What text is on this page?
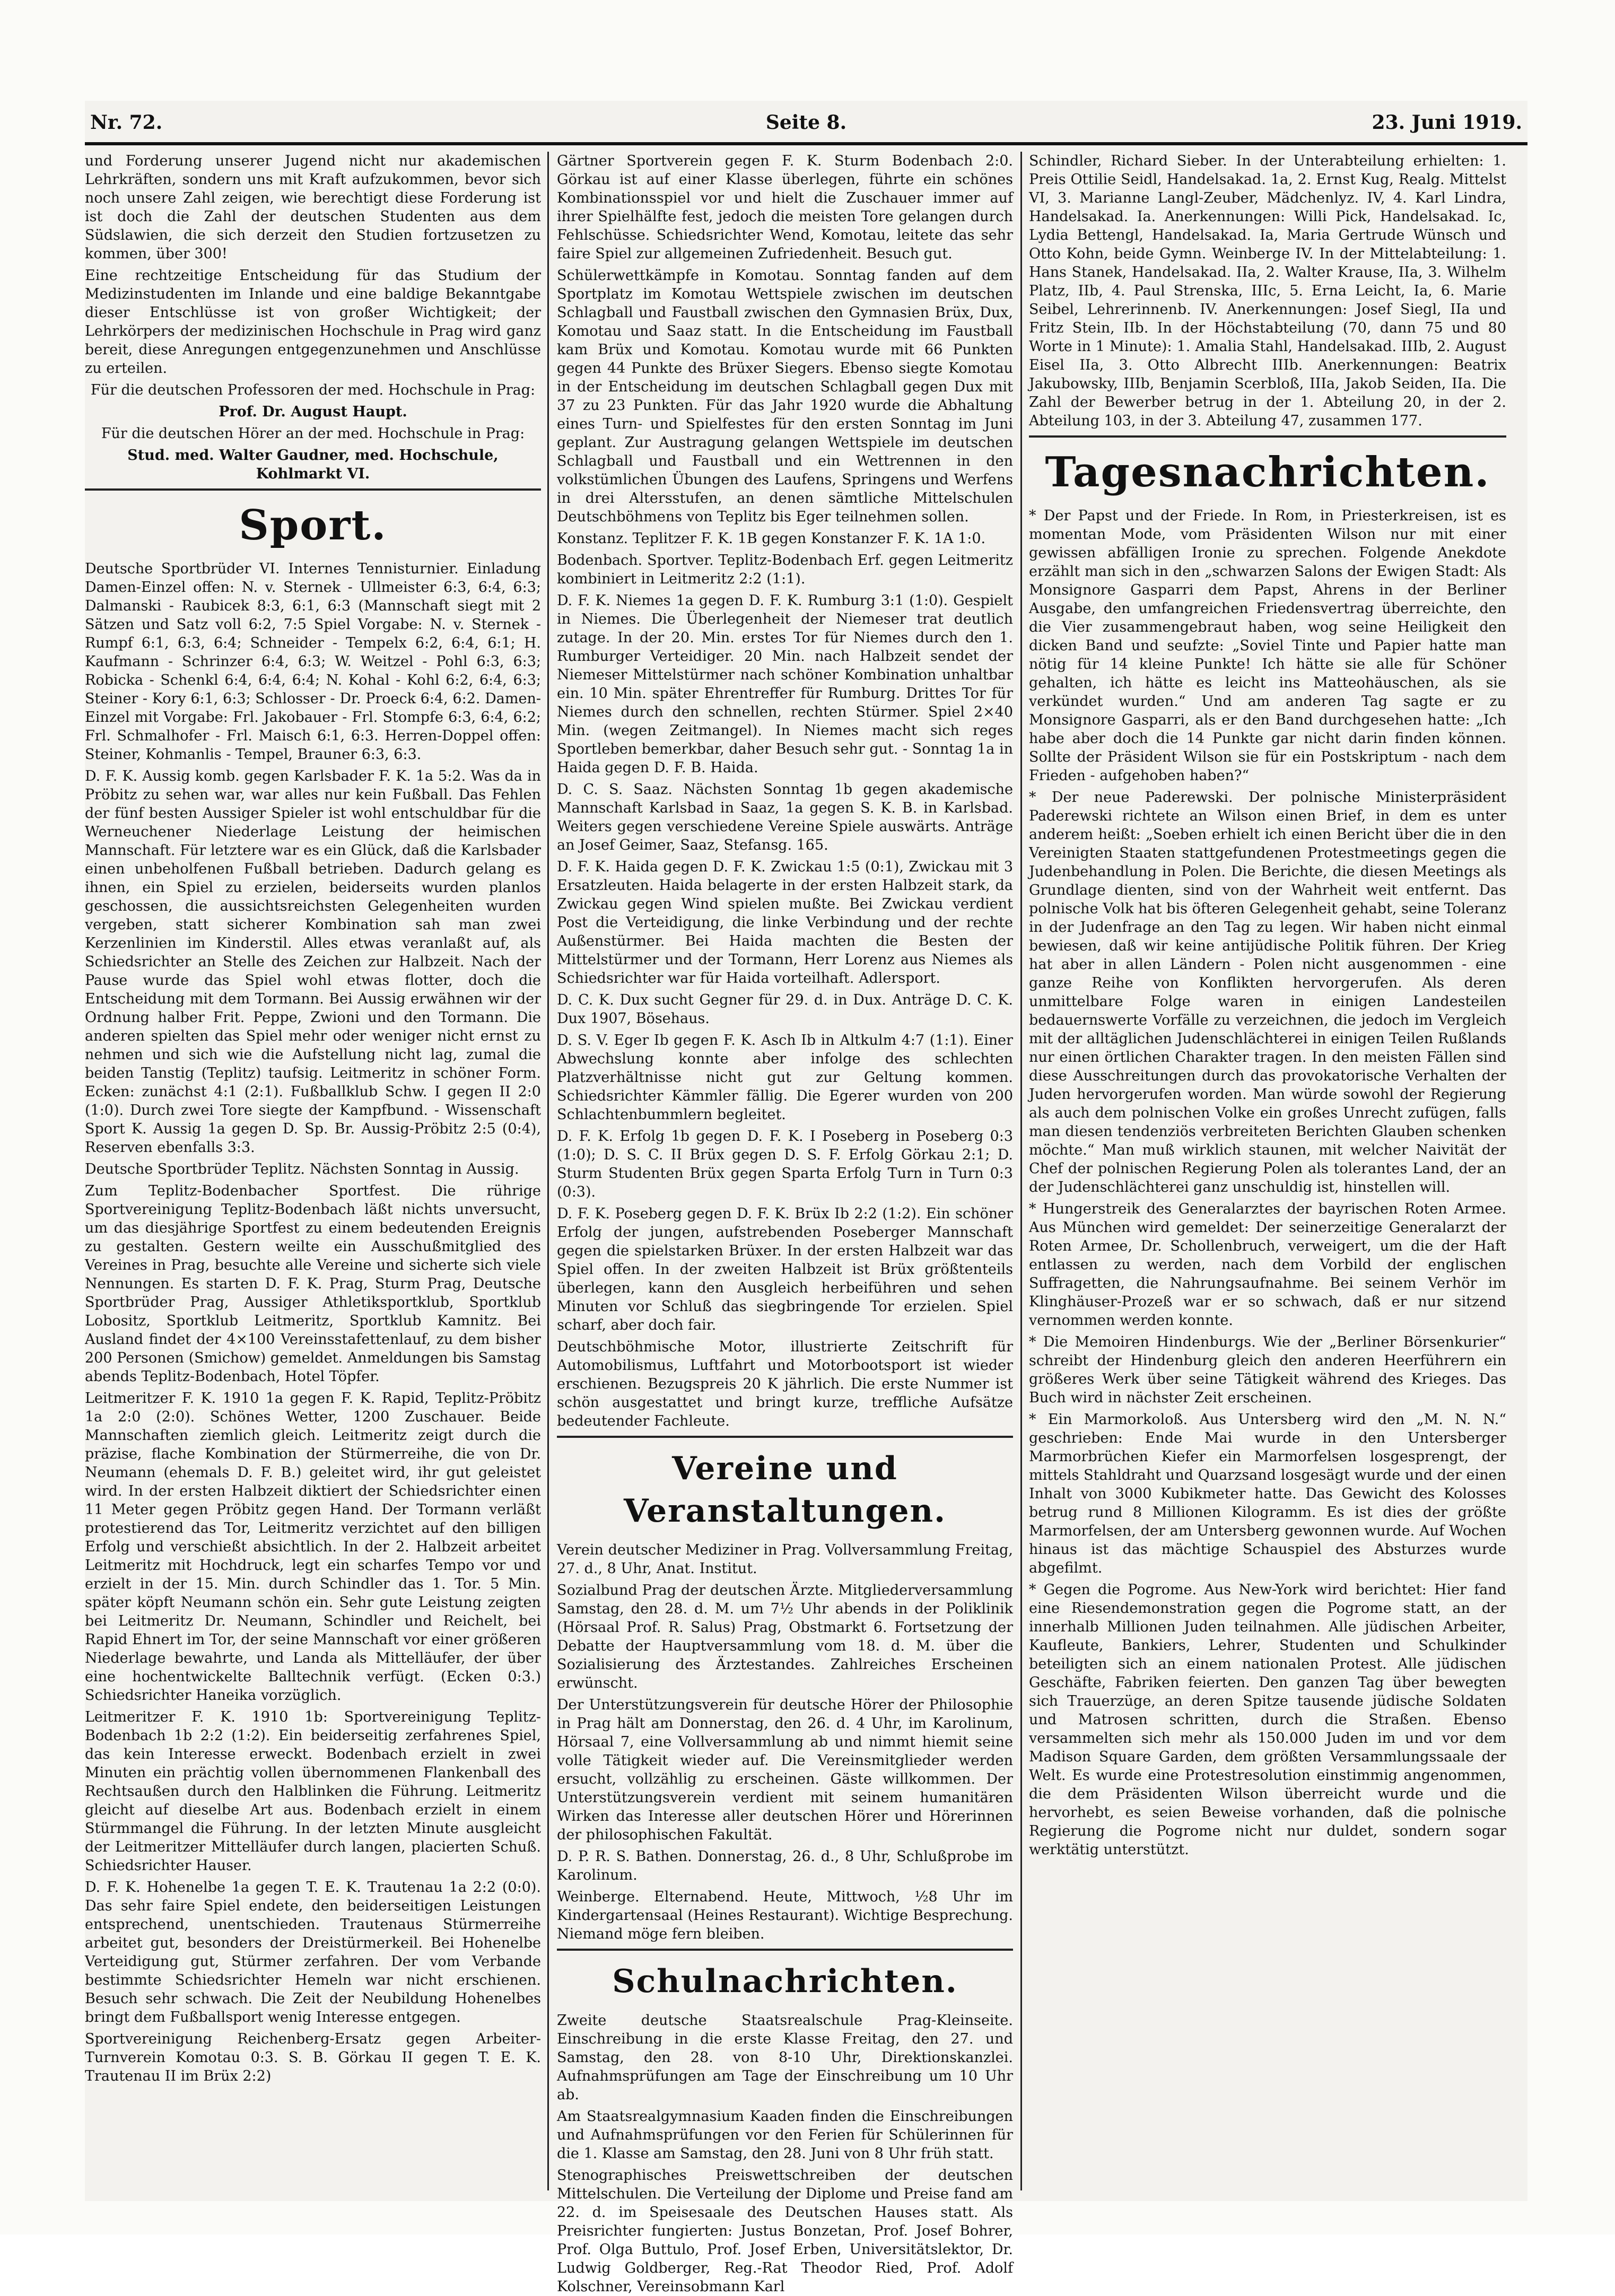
Nr. 72.	Seite 8.	23. Juni 1919.

und Forderung unserer Jugend nicht nur akademischen Lehrkräften, sondern uns mit Kraft aufzukommen, bevor sich noch unsere Zahl zeigen, wie berechtigt diese Forderung ist ist doch die Zahl der deutschen Studenten aus dem Südslawien, die sich derzeit den Studien fortzusetzen zu kommen, über 300!

Eine rechtzeitige Entscheidung für das Studium der Medizinstudenten im Inlande und eine baldige Bekanntgabe dieser Entschlüsse ist von großer Wichtigkeit; der Lehrkörpers der medizinischen Hochschule in Prag wird ganz bereit, diese Anregungen entgegenzunehmen und Anschlüsse zu erteilen.

Für die deutschen Professoren der med. Hochschule in Prag:

Prof. Dr. August Haupt.

Für die deutschen Hörer an der med. Hochschule in Prag:

Stud. med. Walter Gaudner, med. Hochschule, Kohlmarkt VI.

Sport.

Deutsche Sportbrüder VI. Internes Tennisturnier. Einladung Damen-Einzel offen: N. v. Sternek - Ullmeister 6:3, 6:4, 6:3; Dalmanski - Raubicek 8:3, 6:1, 6:3 (Mannschaft siegt mit 2 Sätzen und Satz voll 6:2, 7:5 Spiel Vorgabe: N. v. Sternek - Rumpf 6:1, 6:3, 6:4; Schneider - Tempelx 6:2, 6:4, 6:1; H. Kaufmann - Schrinzer 6:4, 6:3; W. Weitzel - Pohl 6:3, 6:3; Robicka - Schenkl 6:4, 6:4, 6:4; N. Kohal - Kohl 6:2, 6:4, 6:3; Steiner - Kory 6:1, 6:3; Schlosser - Dr. Proeck 6:4, 6:2. Damen-Einzel mit Vorgabe: Frl. Jakobauer - Frl. Stompfe 6:3, 6:4, 6:2; Frl. Schmalhofer - Frl. Maisch 6:1, 6:3. Herren-Doppel offen: Steiner, Kohmanlis - Tempel, Brauner 6:3, 6:3.

D. F. K. Aussig komb. gegen Karlsbader F. K. 1a 5:2. Was da in Pröbitz zu sehen war, war alles nur kein Fußball. Das Fehlen der fünf besten Aussiger Spieler ist wohl entschuldbar für die Werneuchener Niederlage Leistung der heimischen Mannschaft. Für letztere war es ein Glück, daß die Karlsbader einen unbeholfenen Fußball betrieben. Dadurch gelang es ihnen, ein Spiel zu erzielen, beiderseits wurden planlos geschossen, die aussichtsreichsten Gelegenheiten wurden vergeben, statt sicherer Kombination sah man zwei Kerzenlinien im Kinderstil. Alles etwas veranlaßt auf, als Schiedsrichter an Stelle des Zeichen zur Halbzeit. Nach der Pause wurde das Spiel wohl etwas flotter, doch die Entscheidung mit dem Tormann. Bei Aussig erwähnen wir der Ordnung halber Frit. Peppe, Zwioni und den Tormann. Die anderen spielten das Spiel mehr oder weniger nicht ernst zu nehmen und sich wie die Aufstellung nicht lag, zumal die beiden Tanstig (Teplitz) taufsig. Leitmeritz in schöner Form. Ecken: zunächst 4:1 (2:1). Fußballklub Schw. I gegen II 2:0 (1:0). Durch zwei Tore siegte der Kampfbund. - Wissenschaft Sport K. Aussig 1a gegen D. Sp. Br. Aussig-Pröbitz 2:5 (0:4), Reserven ebenfalls 3:3.

Deutsche Sportbrüder Teplitz. Nächsten Sonntag in Aussig.

Zum Teplitz-Bodenbacher Sportfest. Die rührige Sportvereinigung Teplitz-Bodenbach läßt nichts unversucht, um das diesjährige Sportfest zu einem bedeutenden Ereignis zu gestalten. Gestern weilte ein Ausschußmitglied des Vereines in Prag, besuchte alle Vereine und sicherte sich viele Nennungen. Es starten D. F. K. Prag, Sturm Prag, Deutsche Sportbrüder Prag, Aussiger Athletiksportklub, Sportklub Lobositz, Sportklub Leitmeritz, Sportklub Kamnitz. Bei Ausland findet der 4×100 Vereinsstafettenlauf, zu dem bisher 200 Personen (Smichow) gemeldet. Anmeldungen bis Samstag abends Teplitz-Bodenbach, Hotel Töpfer.

Leitmeritzer F. K. 1910 1a gegen F. K. Rapid, Teplitz-Pröbitz 1a 2:0 (2:0). Schönes Wetter, 1200 Zuschauer. Beide Mannschaften ziemlich gleich. Leitmeritz zeigt durch die präzise, flache Kombination der Stürmerreihe, die von Dr. Neumann (ehemals D. F. B.) geleitet wird, ihr gut geleistet wird. In der ersten Halbzeit diktiert der Schiedsrichter einen 11 Meter gegen Pröbitz gegen Hand. Der Tormann verläßt protestierend das Tor, Leitmeritz verzichtet auf den billigen Erfolg und verschießt absichtlich. In der 2. Halbzeit arbeitet Leitmeritz mit Hochdruck, legt ein scharfes Tempo vor und erzielt in der 15. Min. durch Schindler das 1. Tor. 5 Min. später köpft Neumann schön ein. Sehr gute Leistung zeigten bei Leitmeritz Dr. Neumann, Schindler und Reichelt, bei Rapid Ehnert im Tor, der seine Mannschaft vor einer größeren Niederlage bewahrte, und Landa als Mittelläufer, der über eine hochentwickelte Balltechnik verfügt. (Ecken 0:3.) Schiedsrichter Haneika vorzüglich.

Leitmeritzer F. K. 1910 1b: Sportvereinigung Teplitz-Bodenbach 1b 2:2 (1:2). Ein beiderseitig zerfahrenes Spiel, das kein Interesse erweckt. Bodenbach erzielt in zwei Minuten ein prächtig vollen übernommenen Flankenball des Rechtsaußen durch den Halblinken die Führung. Leitmeritz gleicht auf dieselbe Art aus. Bodenbach erzielt in einem Stürmmangel die Führung. In der letzten Minute ausgleicht der Leitmeritzer Mittelläufer durch langen, placierten Schuß. Schiedsrichter Hauser.

D. F. K. Hohenelbe 1a gegen T. E. K. Trautenau 1a 2:2 (0:0). Das sehr faire Spiel endete, den beiderseitigen Leistungen entsprechend, unentschieden. Trautenaus Stürmerreihe arbeitet gut, besonders der Dreistürmerkeil. Bei Hohenelbe Verteidigung gut, Stürmer zerfahren. Der vom Verbande bestimmte Schiedsrichter Hemeln war nicht erschienen. Besuch sehr schwach. Die Zeit der Neubildung Hohenelbes bringt dem Fußballsport wenig Interesse entgegen.

Sportvereinigung Reichenberg-Ersatz gegen Arbeiter-Turnverein Komotau 0:3. S. B. Görkau II gegen T. E. K. Trautenau II im Brüx 2:2)

Gärtner Sportverein gegen F. K. Sturm Bodenbach 2:0. Görkau ist auf einer Klasse überlegen, führte ein schönes Kombinationsspiel vor und hielt die Zuschauer immer auf ihrer Spielhälfte fest, jedoch die meisten Tore gelangen durch Fehlschüsse. Schiedsrichter Wend, Komotau, leitete das sehr faire Spiel zur allgemeinen Zufriedenheit. Besuch gut.

Schülerwettkämpfe in Komotau. Sonntag fanden auf dem Sportplatz im Komotau Wettspiele zwischen im deutschen Schlagball und Faustball zwischen den Gymnasien Brüx, Dux, Komotau und Saaz statt. In die Entscheidung im Faustball kam Brüx und Komotau. Komotau wurde mit 66 Punkten gegen 44 Punkte des Brüxer Siegers. Ebenso siegte Komotau in der Entscheidung im deutschen Schlagball gegen Dux mit 37 zu 23 Punkten. Für das Jahr 1920 wurde die Abhaltung eines Turn- und Spielfestes für den ersten Sonntag im Juni geplant. Zur Austragung gelangen Wettspiele im deutschen Schlagball und Faustball und ein Wettrennen in den volkstümlichen Übungen des Laufens, Springens und Werfens in drei Altersstufen, an denen sämtliche Mittelschulen Deutschböhmens von Teplitz bis Eger teilnehmen sollen.

Konstanz. Teplitzer F. K. 1B gegen Konstanzer F. K. 1A 1:0.

Bodenbach. Sportver. Teplitz-Bodenbach Erf. gegen Leitmeritz kombiniert in Leitmeritz 2:2 (1:1).

D. F. K. Niemes 1a gegen D. F. K. Rumburg 3:1 (1:0). Gespielt in Niemes. Die Überlegenheit der Niemeser trat deutlich zutage. In der 20. Min. erstes Tor für Niemes durch den 1. Rumburger Verteidiger. 20 Min. nach Halbzeit sendet der Niemeser Mittelstürmer nach schöner Kombination unhaltbar ein. 10 Min. später Ehrentreffer für Rumburg. Drittes Tor für Niemes durch den schnellen, rechten Stürmer. Spiel 2×40 Min. (wegen Zeitmangel). In Niemes macht sich reges Sportleben bemerkbar, daher Besuch sehr gut. - Sonntag 1a in Haida gegen D. F. B. Haida.

D. C. S. Saaz. Nächsten Sonntag 1b gegen akademische Mannschaft Karlsbad in Saaz, 1a gegen S. K. B. in Karlsbad. Weiters gegen verschiedene Vereine Spiele auswärts. Anträge an Josef Geimer, Saaz, Stefansg. 165.

D. F. K. Haida gegen D. F. K. Zwickau 1:5 (0:1), Zwickau mit 3 Ersatzleuten. Haida belagerte in der ersten Halbzeit stark, da Zwickau gegen Wind spielen mußte. Bei Zwickau verdient Post die Verteidigung, die linke Verbindung und der rechte Außenstürmer. Bei Haida machten die Besten der Mittelstürmer und der Tormann, Herr Lorenz aus Niemes als Schiedsrichter war für Haida vorteilhaft. Adlersport.

D. C. K. Dux sucht Gegner für 29. d. in Dux. Anträge D. C. K. Dux 1907, Bösehaus.

D. S. V. Eger Ib gegen F. K. Asch Ib in Altkulm 4:7 (1:1). Einer Abwechslung konnte aber infolge des schlechten Platzverhältnisse nicht gut zur Geltung kommen. Schiedsrichter Kämmler fällig. Die Egerer wurden von 200 Schlachtenbummlern begleitet.

D. F. K. Erfolg 1b gegen D. F. K. I Poseberg in Poseberg 0:3 (1:0); D. S. C. II Brüx gegen D. S. F. Erfolg Görkau 2:1; D. Sturm Studenten Brüx gegen Sparta Erfolg Turn in Turn 0:3 (0:3).

D. F. K. Poseberg gegen D. F. K. Brüx Ib 2:2 (1:2). Ein schöner Erfolg der jungen, aufstrebenden Poseberger Mannschaft gegen die spielstarken Brüxer. In der ersten Halbzeit war das Spiel offen. In der zweiten Halbzeit ist Brüx größtenteils überlegen, kann den Ausgleich herbeiführen und sehen Minuten vor Schluß das siegbringende Tor erzielen. Spiel scharf, aber doch fair.

Deutschböhmische Motor, illustrierte Zeitschrift für Automobilismus, Luftfahrt und Motorbootsport ist wieder erschienen. Bezugspreis 20 K jährlich. Die erste Nummer ist schön ausgestattet und bringt kurze, treffliche Aufsätze bedeutender Fachleute.

Vereine und Veranstaltungen.

Verein deutscher Mediziner in Prag. Vollversammlung Freitag, 27. d., 8 Uhr, Anat. Institut.

Sozialbund Prag der deutschen Ärzte. Mitgliederversammlung Samstag, den 28. d. M. um 7½ Uhr abends in der Poliklinik (Hörsaal Prof. R. Salus) Prag, Obstmarkt 6. Fortsetzung der Debatte der Hauptversammlung vom 18. d. M. über die Sozialisierung des Ärztestandes. Zahlreiches Erscheinen erwünscht.

Der Unterstützungsverein für deutsche Hörer der Philosophie in Prag hält am Donnerstag, den 26. d. 4 Uhr, im Karolinum, Hörsaal 7, eine Vollversammlung ab und nimmt hiemit seine volle Tätigkeit wieder auf. Die Vereinsmitglieder werden ersucht, vollzählig zu erscheinen. Gäste willkommen. Der Unterstützungsverein verdient mit seinem humanitären Wirken das Interesse aller deutschen Hörer und Hörerinnen der philosophischen Fakultät.

D. P. R. S. Bathen. Donnerstag, 26. d., 8 Uhr, Schlußprobe im Karolinum.

Weinberge. Elternabend. Heute, Mittwoch, ½8 Uhr im Kindergartensaal (Heines Restaurant). Wichtige Besprechung. Niemand möge fern bleiben.

Schulnachrichten.

Zweite deutsche Staatsrealschule Prag-Kleinseite. Einschreibung in die erste Klasse Freitag, den 27. und Samstag, den 28. von 8-10 Uhr, Direktionskanzlei. Aufnahmsprüfungen am Tage der Einschreibung um 10 Uhr ab.

Am Staatsrealgymnasium Kaaden finden die Einschreibungen und Aufnahmsprüfungen vor den Ferien für Schülerinnen für die 1. Klasse am Samstag, den 28. Juni von 8 Uhr früh statt.

Stenographisches Preiswettschreiben der deutschen Mittelschulen. Die Verteilung der Diplome und Preise fand am 22. d. im Speisesaale des Deutschen Hauses statt. Als Preisrichter fungierten: Justus Bonzetan, Prof. Josef Bohrer, Prof. Olga Buttulo, Prof. Josef Erben, Universitätslektor, Dr. Ludwig Goldberger, Reg.-Rat Theodor Ried, Prof. Adolf Kolschner, Vereinsobmann Karl

Schindler, Richard Sieber. In der Unterabteilung erhielten: 1. Preis Ottilie Seidl, Handelsakad. 1a, 2. Ernst Kug, Realg. Mittelst VI, 3. Marianne Langl-Zeuber, Mädchenlyz. IV, 4. Karl Lindra, Handelsakad. Ia. Anerkennungen: Willi Pick, Handelsakad. Ic, Lydia Bettengl, Handelsakad. Ia, Maria Gertrude Wünsch und Otto Kohn, beide Gymn. Weinberge IV. In der Mittelabteilung: 1. Hans Stanek, Handelsakad. IIa, 2. Walter Krause, IIa, 3. Wilhelm Platz, IIb, 4. Paul Strenska, IIIc, 5. Erna Leicht, Ia, 6. Marie Seibel, Lehrerinnenb. IV. Anerkennungen: Josef Siegl, IIa und Fritz Stein, IIb. In der Höchstabteilung (70, dann 75 und 80 Worte in 1 Minute): 1. Amalia Stahl, Handelsakad. IIIb, 2. August Eisel IIa, 3. Otto Albrecht IIIb. Anerkennungen: Beatrix Jakubowsky, IIIb, Benjamin Scerbloß, IIIa, Jakob Seiden, IIa. Die Zahl der Bewerber betrug in der 1. Abteilung 20, in der 2. Abteilung 103, in der 3. Abteilung 47, zusammen 177.

Tagesnachrichten.

* Der Papst und der Friede. In Rom, in Priesterkreisen, ist es momentan Mode, vom Präsidenten Wilson nur mit einer gewissen abfälligen Ironie zu sprechen. Folgende Anekdote erzählt man sich in den „schwarzen Salons der Ewigen Stadt: Als Monsignore Gasparri dem Papst, Ahrens in der Berliner Ausgabe, den umfangreichen Friedensvertrag überreichte, den die Vier zusammengebraut haben, wog seine Heiligkeit den dicken Band und seufzte: „Soviel Tinte und Papier hatte man nötig für 14 kleine Punkte! Ich hätte sie alle für Schöner gehalten, ich hätte es leicht ins Matteohäuschen, als sie verkündet wurden.“ Und am anderen Tag sagte er zu Monsignore Gasparri, als er den Band durchgesehen hatte: „Ich habe aber doch die 14 Punkte gar nicht darin finden können. Sollte der Präsident Wilson sie für ein Postskriptum - nach dem Frieden - aufgehoben haben?“

* Der neue Paderewski. Der polnische Ministerpräsident Paderewski richtete an Wilson einen Brief, in dem es unter anderem heißt: „Soeben erhielt ich einen Bericht über die in den Vereinigten Staaten stattgefundenen Protestmeetings gegen die Judenbehandlung in Polen. Die Berichte, die diesen Meetings als Grundlage dienten, sind von der Wahrheit weit entfernt. Das polnische Volk hat bis öfteren Gelegenheit gehabt, seine Toleranz in der Judenfrage an den Tag zu legen. Wir haben nicht einmal bewiesen, daß wir keine antijüdische Politik führen. Der Krieg hat aber in allen Ländern - Polen nicht ausgenommen - eine ganze Reihe von Konflikten hervorgerufen. Als deren unmittelbare Folge waren in einigen Landesteilen bedauernswerte Vorfälle zu verzeichnen, die jedoch im Vergleich mit der alltäglichen Judenschlächterei in einigen Teilen Rußlands nur einen örtlichen Charakter tragen. In den meisten Fällen sind diese Ausschreitungen durch das provokatorische Verhalten der Juden hervorgerufen worden. Man würde sowohl der Regierung als auch dem polnischen Volke ein großes Unrecht zufügen, falls man diesen tendenziös verbreiteten Berichten Glauben schenken möchte.“ Man muß wirklich staunen, mit welcher Naivität der Chef der polnischen Regierung Polen als tolerantes Land, der an der Judenschlächterei ganz unschuldig ist, hinstellen will.

* Hungerstreik des Generalarztes der bayrischen Roten Armee. Aus München wird gemeldet: Der seinerzeitige Generalarzt der Roten Armee, Dr. Schollenbruch, verweigert, um die der Haft entlassen zu werden, nach dem Vorbild der englischen Suffragetten, die Nahrungsaufnahme. Bei seinem Verhör im Klinghäuser-Prozeß war er so schwach, daß er nur sitzend vernommen werden konnte.

* Die Memoiren Hindenburgs. Wie der „Berliner Börsenkurier“ schreibt der Hindenburg gleich den anderen Heerführern ein größeres Werk über seine Tätigkeit während des Krieges. Das Buch wird in nächster Zeit erscheinen.

* Ein Marmorkoloß. Aus Untersberg wird den „M. N. N.“ geschrieben: Ende Mai wurde in den Untersberger Marmorbrüchen Kiefer ein Marmorfelsen losgesprengt, der mittels Stahldraht und Quarzsand losgesägt wurde und der einen Inhalt von 3000 Kubikmeter hatte. Das Gewicht des Kolosses betrug rund 8 Millionen Kilogramm. Es ist dies der größte Marmorfelsen, der am Untersberg gewonnen wurde. Auf Wochen hinaus ist das mächtige Schauspiel des Absturzes wurde abgefilmt.

* Gegen die Pogrome. Aus New-York wird berichtet: Hier fand eine Riesendemonstration gegen die Pogrome statt, an der innerhalb Millionen Juden teilnahmen. Alle jüdischen Arbeiter, Kaufleute, Bankiers, Lehrer, Studenten und Schulkinder beteiligten sich an einem nationalen Protest. Alle jüdischen Geschäfte, Fabriken feierten. Den ganzen Tag über bewegten sich Trauerzüge, an deren Spitze tausende jüdische Soldaten und Matrosen schritten, durch die Straßen. Ebenso versammelten sich mehr als 150.000 Juden im und vor dem Madison Square Garden, dem größten Versammlungssaale der Welt. Es wurde eine Protestresolution einstimmig angenommen, die dem Präsidenten Wilson überreicht wurde und die hervorhebt, es seien Beweise vorhanden, daß die polnische Regierung die Pogrome nicht nur duldet, sondern sogar werktätig unterstützt.
